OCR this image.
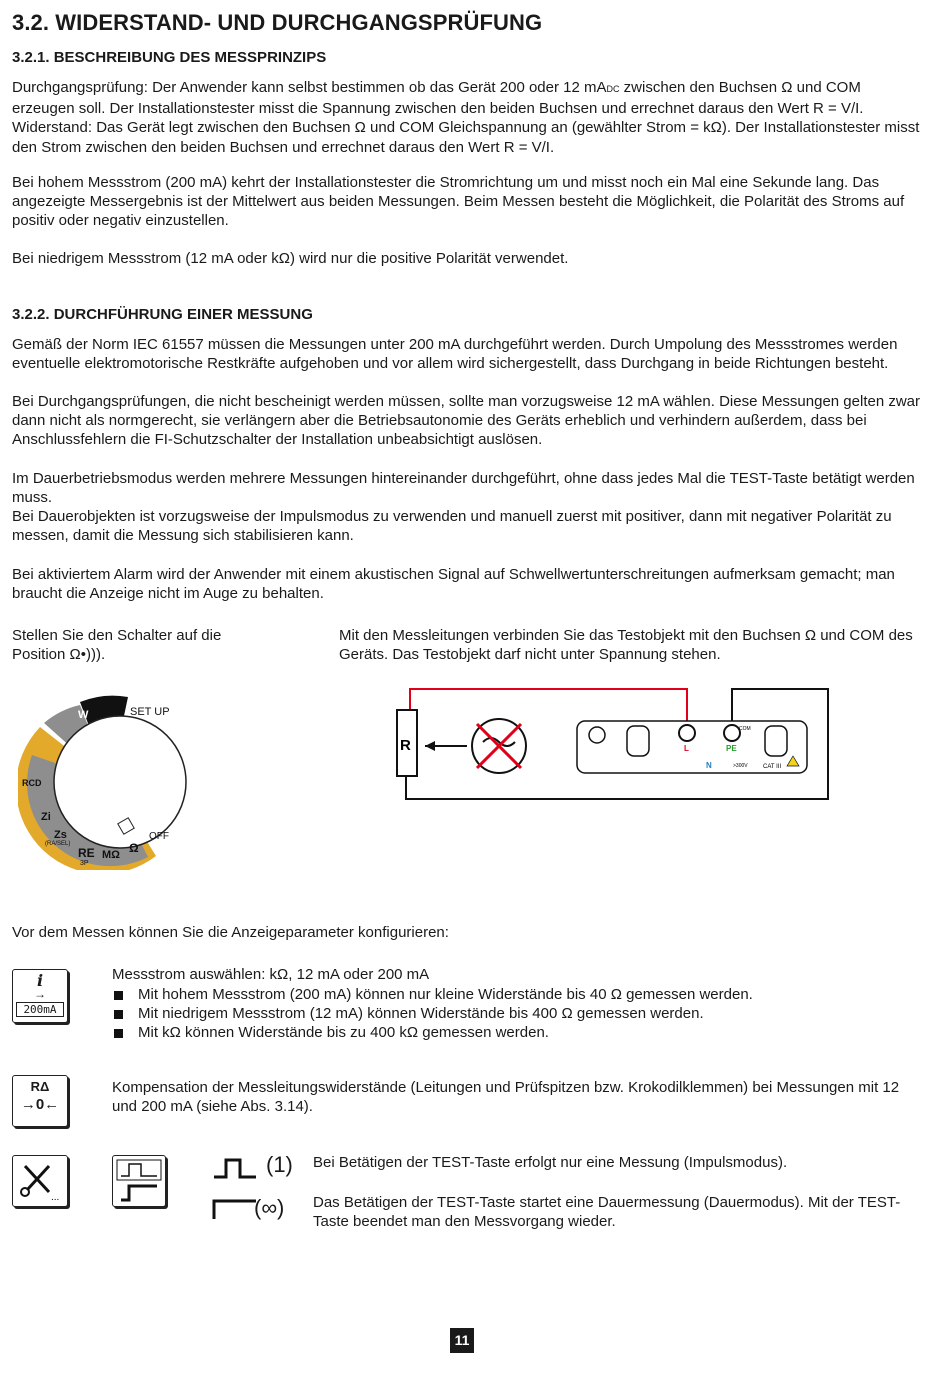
3.2. WIDERSTAND- UND DURCHGANGSPRÜFUNG
3.2.1. BESCHREIBUNG DES MESSPRINZIPS

Durchgangsprüfung: Der Anwender kann selbst bestimmen ob das Gerät 200 oder 12 mADC zwischen den Buchsen Ω und COM erzeugen soll. Der Installationstester misst die Spannung zwischen den beiden Buchsen und errechnet daraus den Wert R = V/I.
Widerstand: Das Gerät legt zwischen den Buchsen Ω und COM Gleichspannung an (gewählter Strom = kΩ). Der Installationstester misst den Strom zwischen den beiden Buchsen und errechnet daraus den Wert R = V/I.

Bei hohem Messstrom (200 mA) kehrt der Installationstester die Stromrichtung um und misst noch ein Mal eine Sekunde lang. Das angezeigte Messergebnis ist der Mittelwert aus beiden Messungen. Beim Messen besteht die Möglichkeit, die Polarität des Stroms auf positiv oder negativ einzustellen.

Bei niedrigem Messstrom (12 mA oder kΩ) wird nur die positive Polarität verwendet.

3.2.2. DURCHFÜHRUNG EINER MESSUNG

Gemäß der Norm IEC 61557 müssen die Messungen unter 200 mA durchgeführt werden. Durch Umpolung des Messstromes werden eventuelle elektromotorische Restkräfte aufgehoben und vor allem wird sichergestellt, dass Durchgang in beide Richtungen besteht.

Bei Durchgangsprüfungen, die nicht bescheinigt werden müssen, sollte man vorzugsweise 12 mA wählen. Diese Messungen gelten zwar dann nicht als normgerecht, sie verlängern aber die Betriebsautonomie des Geräts erheblich und verhindern außerdem, dass bei Anschlussfehlern die FI-Schutzschalter der Installation unbeabsichtigt auslösen.

Im Dauerbetriebsmodus werden mehrere Messungen hintereinander durchgeführt, ohne dass jedes Mal die TEST-Taste betätigt werden muss.

Bei Dauerobjekten ist vorzugsweise der Impulsmodus zu verwenden und manuell zuerst mit positiver, dann mit negativer Polarität zu messen, damit die Messung sich stabilisieren kann.

Bei aktiviertem Alarm wird der Anwender mit einem akustischen Signal auf Schwellwertunterschreitungen aufmerksam gemacht; man braucht die Anzeige nicht im Auge zu behalten.

Stellen Sie den Schalter auf die Position Ω•))).

Mit den Messleitungen verbinden Sie das Testobjekt mit den Buchsen Ω und COM des Geräts. Das Testobjekt darf nicht unter Spannung stehen.

SET UP
OFF
W
RCD
Zi
Zs
(RA/SEL)
RE
3P
MΩ Ω
R	L	PE
N
COM
>300V	CAT III

Vor dem Messen können Sie die Anzeigeparameter konfigurieren:

i
→
200mA

Messstrom auswählen: kΩ, 12 mA oder 200 mA

Mit hohem Messstrom (200 mA) können nur kleine Widerstände bis 40 Ω gemessen werden.
Mit niedrigem Messstrom (12 mA) können Widerstände bis 400 Ω gemessen werden.
Mit kΩ können Widerstände bis zu 400 kΩ gemessen werden.
RΔ
→0←

Kompensation der Messleitungswiderstände (Leitungen und Prüfspitzen bzw. Krokodilklemmen) bei Messungen mit 12 und 200 mA (siehe Abs. 3.14).

...
(1) Bei Betätigen der TEST-Taste erfolgt nur eine Messung (Impulsmodus).

(∞) Das Betätigen der TEST-Taste startet eine Dauermessung (Dauermodus). Mit der TEST-Taste beendet man den Messvorgang wieder.

11
